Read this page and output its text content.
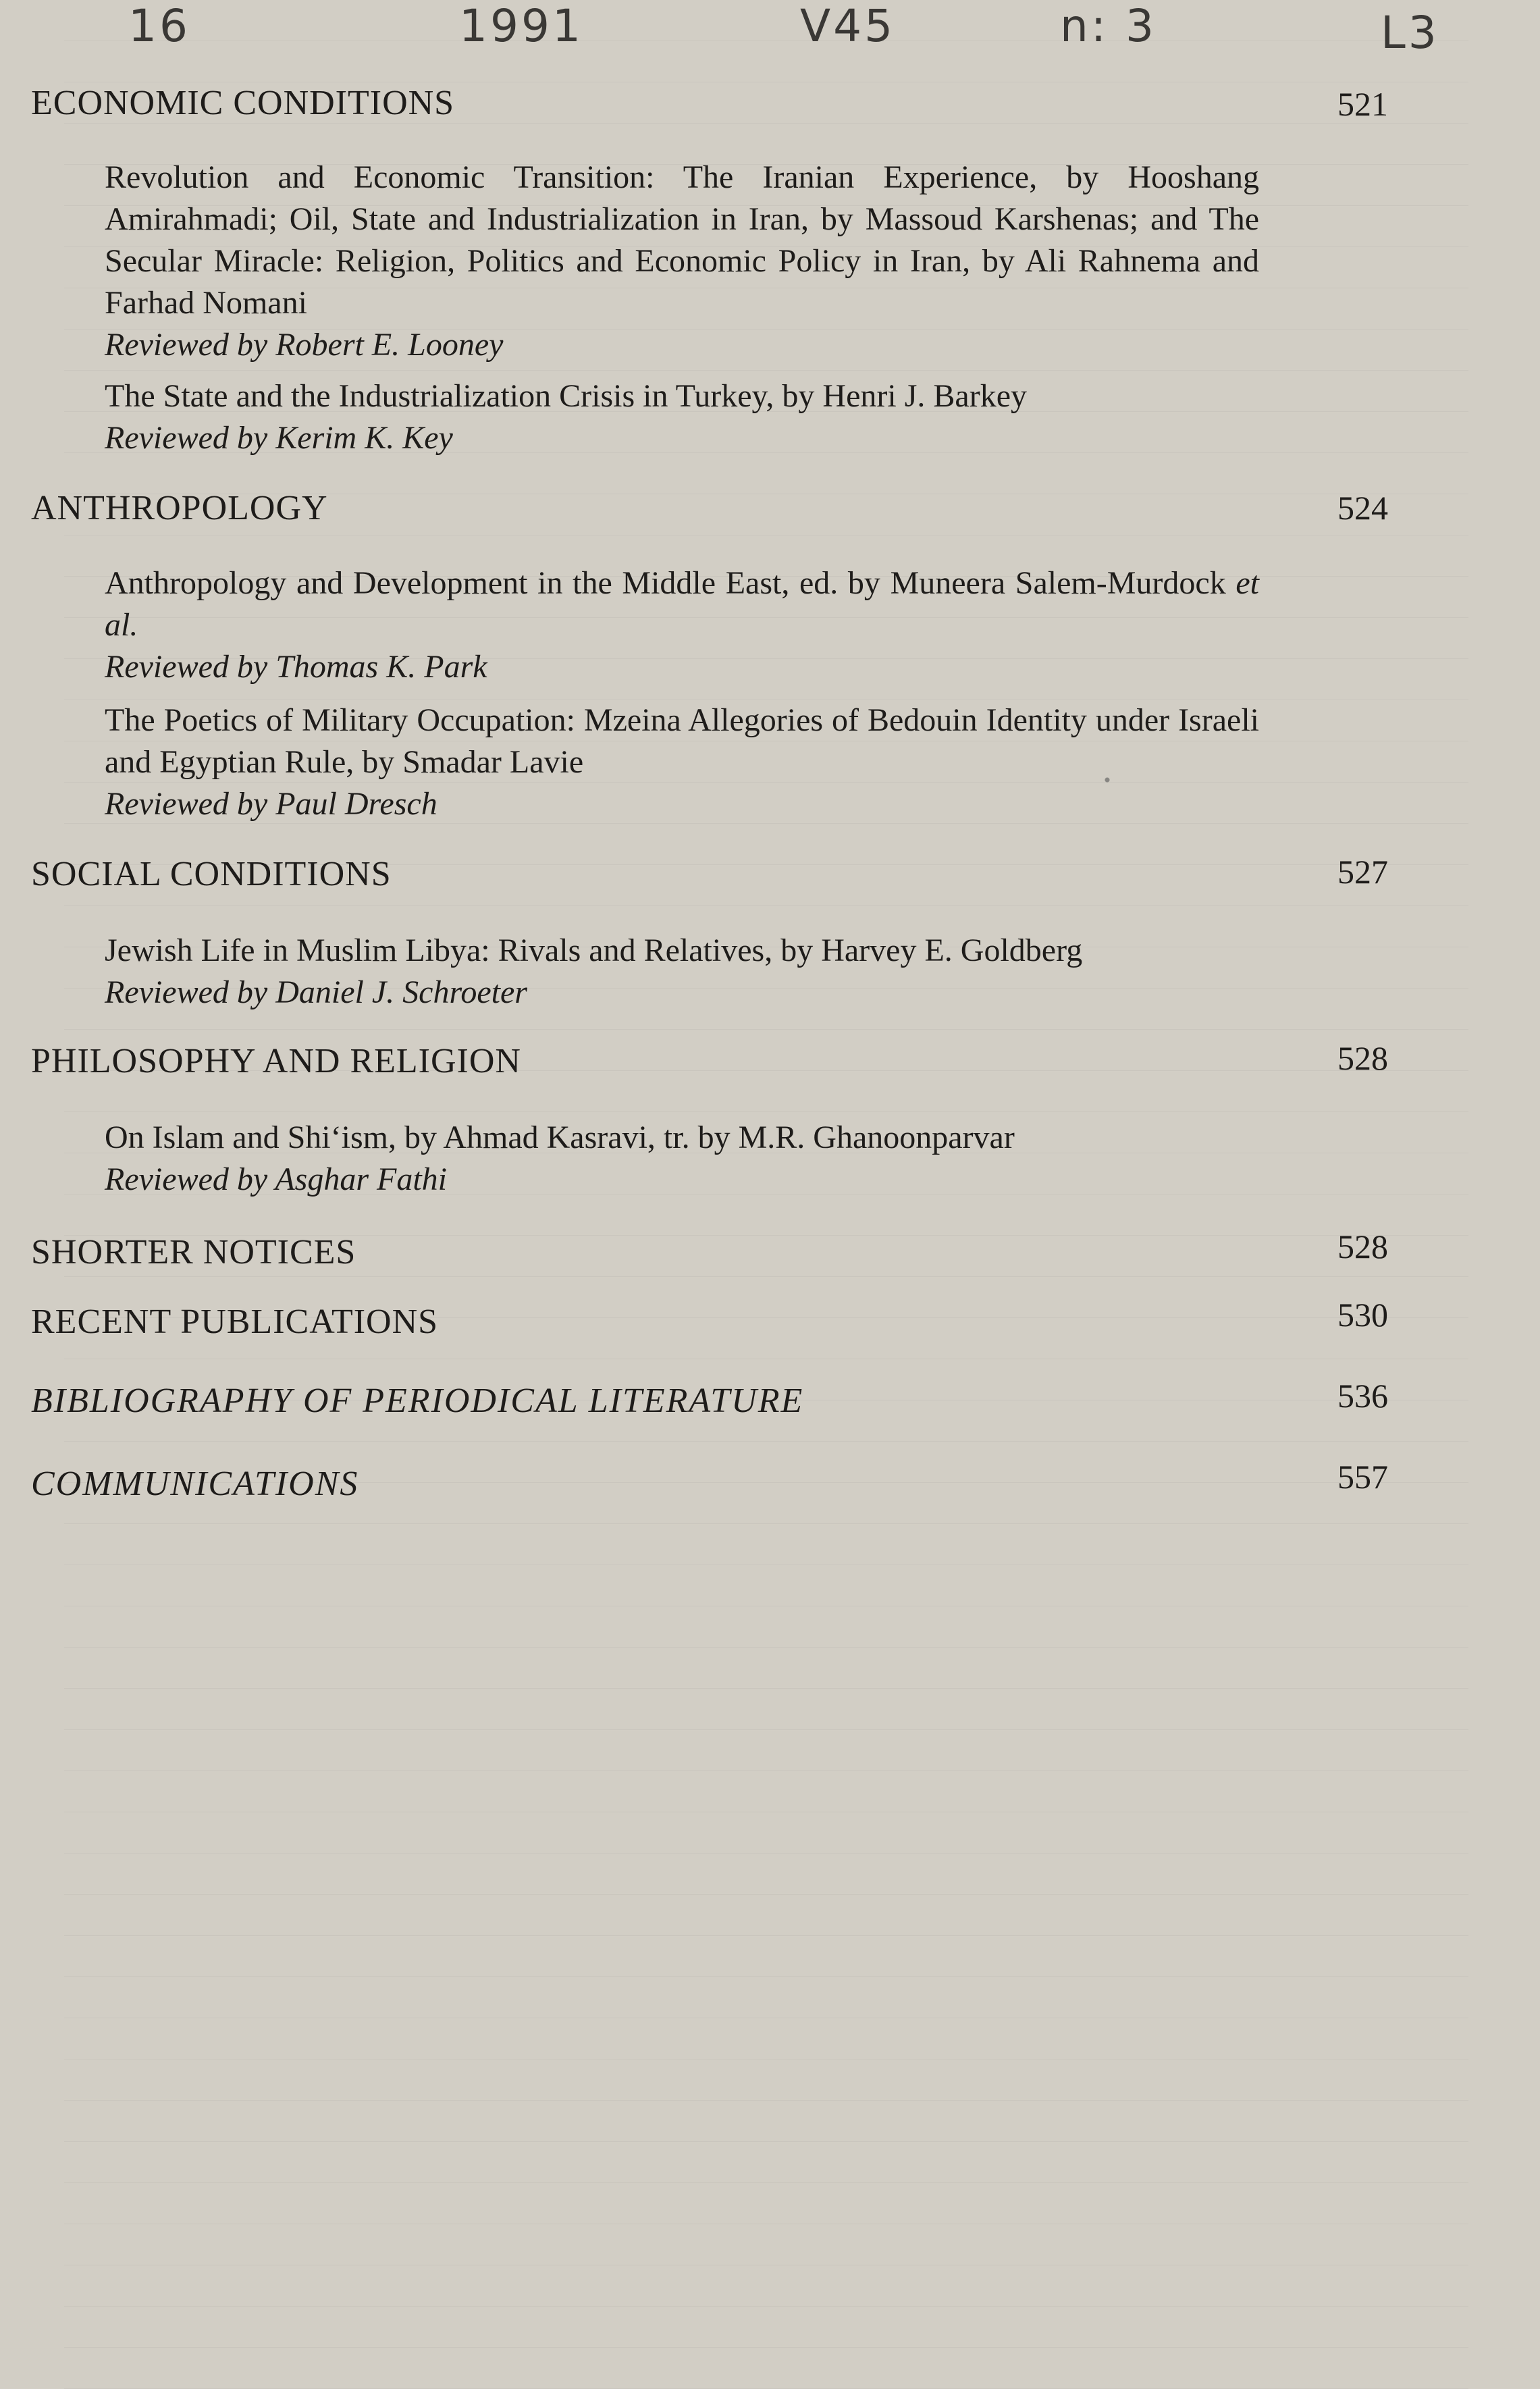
16	1991	V45	n: 3	L3
ECONOMIC CONDITIONS	521
Revolution and Economic Transition: The Iranian Experience, by Hooshang Amirahmadi; Oil, State and Industrialization in Iran, by Massoud Karshenas; and The Secular Miracle: Religion, Politics and Economic Policy in Iran, by Ali Rahnema and Farhad Nomani
Reviewed by Robert E. Looney
The State and the Industrialization Crisis in Turkey, by Henri J. Barkey
Reviewed by Kerim K. Key
ANTHROPOLOGY	524
Anthropology and Development in the Middle East, ed. by Muneera Salem-Murdock et al.
Reviewed by Thomas K. Park
The Poetics of Military Occupation: Mzeina Allegories of Bedouin Identity under Israeli and Egyptian Rule, by Smadar Lavie
Reviewed by Paul Dresch
SOCIAL CONDITIONS	527
Jewish Life in Muslim Libya: Rivals and Relatives, by Harvey E. Goldberg
Reviewed by Daniel J. Schroeter
PHILOSOPHY AND RELIGION	528
On Islam and Shi‘ism, by Ahmad Kasravi, tr. by M.R. Ghanoonparvar
Reviewed by Asghar Fathi
SHORTER NOTICES	528
RECENT PUBLICATIONS	530
BIBLIOGRAPHY OF PERIODICAL LITERATURE	536
COMMUNICATIONS	557
